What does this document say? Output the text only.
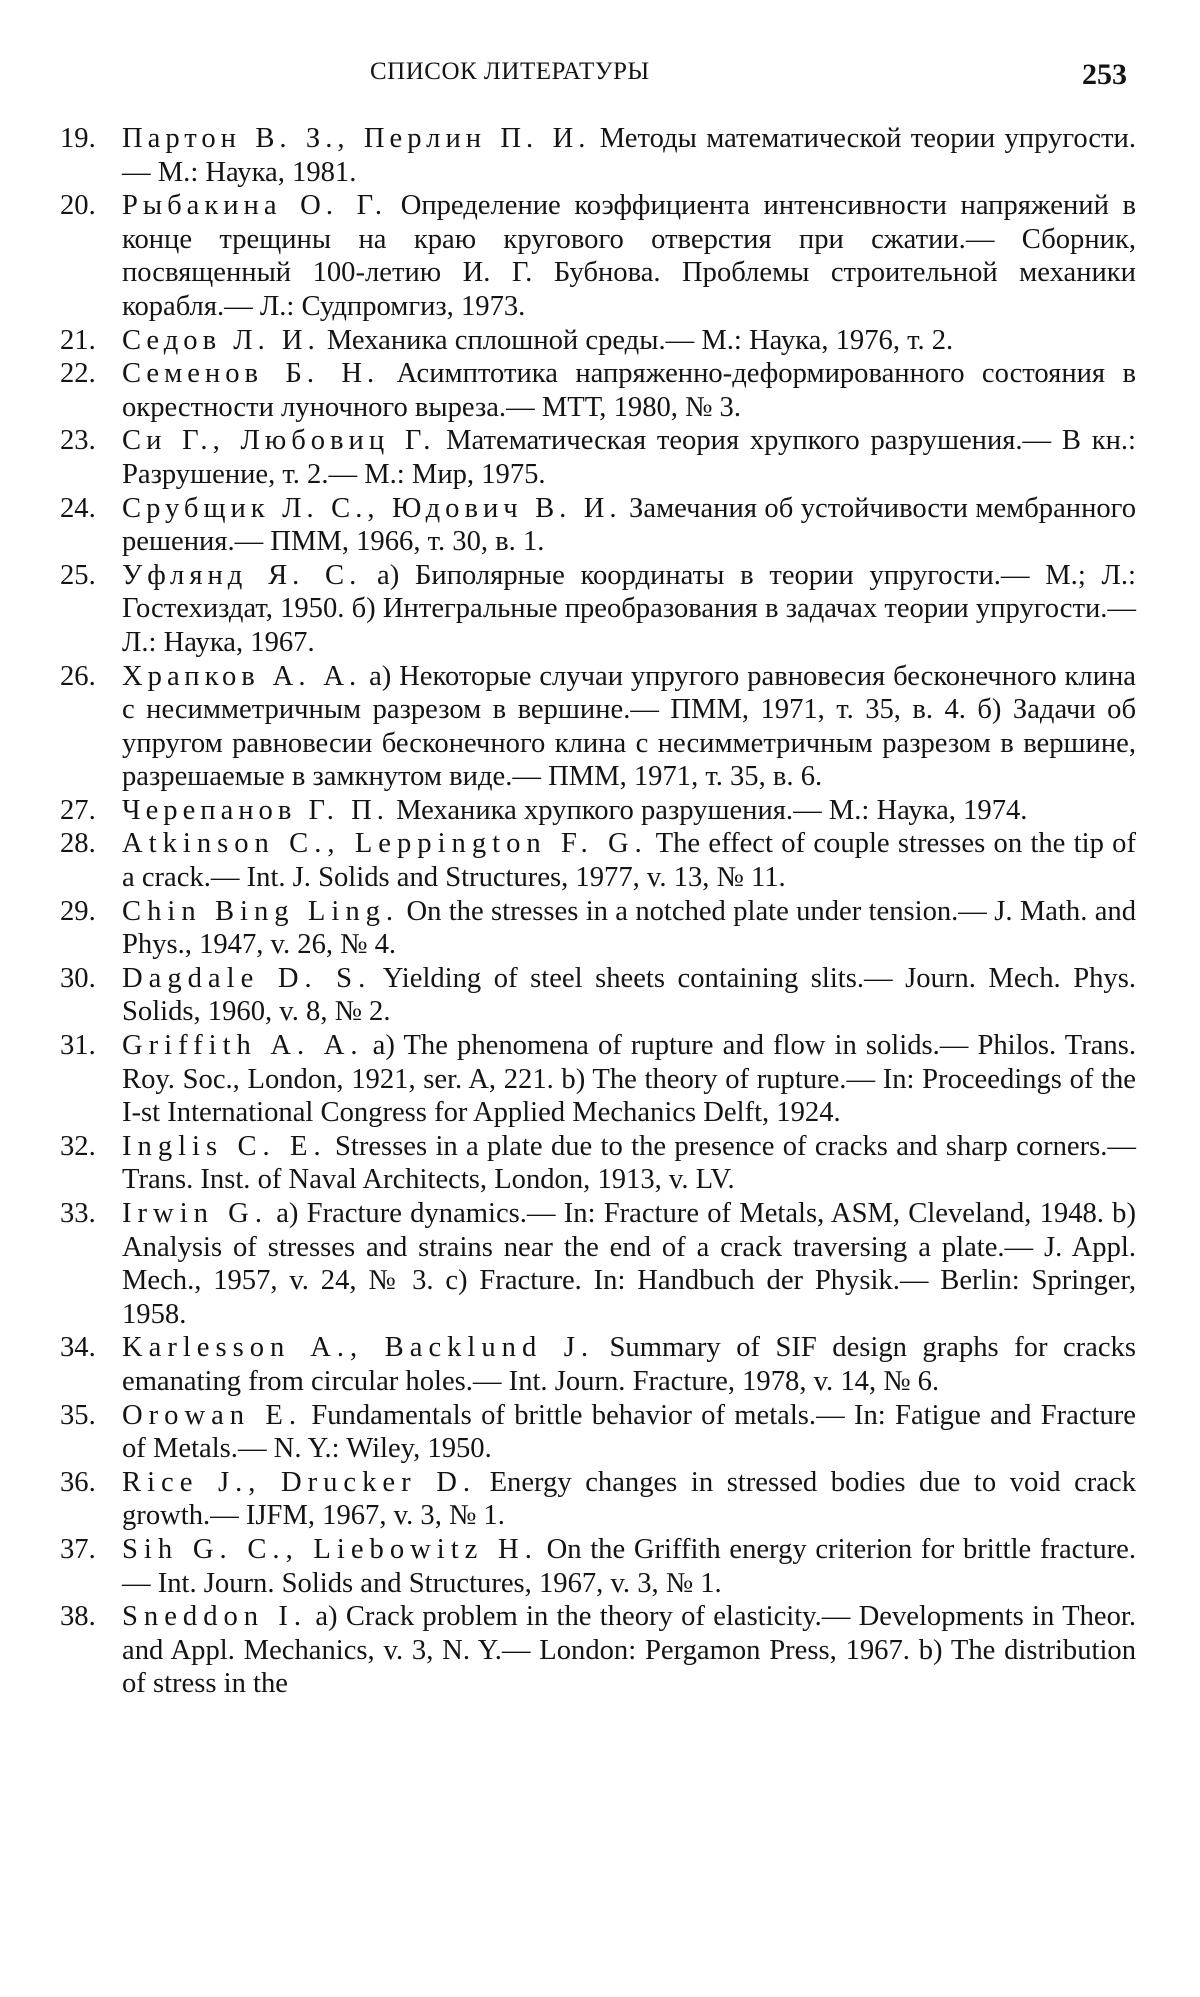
СПИСОК ЛИТЕРАТУРЫ	253
19. Партон В. З., Перлин П. И. Методы математической теории упругости.— М.: Наука, 1981.
20. Рыбакина О. Г. Определение коэффициента интенсивности напряжений в конце трещины на краю кругового отверстия при сжатии.— Сборник, посвященный 100-летию И. Г. Бубнова. Проблемы строительной механики корабля.— Л.: Судпромгиз, 1973.
21. Седов Л. И. Механика сплошной среды.— М.: Наука, 1976, т. 2.
22. Семенов Б. Н. Асимптотика напряженно-деформированного состояния в окрестности луночного выреза.— МТТ, 1980, № 3.
23. Си Г., Любовиц Г. Математическая теория хрупкого разрушения.— В кн.: Разрушение, т. 2.— М.: Мир, 1975.
24. Срубщик Л. С., Юдович В. И. Замечания об устойчивости мембранного решения.— ПММ, 1966, т. 30, в. 1.
25. Уфлянд Я. С. а) Биполярные координаты в теории упругости.— М.; Л.: Гостехиздат, 1950. б) Интегральные преобразования в задачах теории упругости.— Л.: Наука, 1967.
26. Храпков А. А. а) Некоторые случаи упругого равновесия бесконечного клина с несимметричным разрезом в вершине.— ПММ, 1971, т. 35, в. 4. б) Задачи об упругом равновесии бесконечного клина с несимметричным разрезом в вершине, разрешаемые в замкнутом виде.— ПММ, 1971, т. 35, в. 6.
27. Черепанов Г. П. Механика хрупкого разрушения.— М.: Наука, 1974.
28. Atkinson C., Leppington F. G. The effect of couple stresses on the tip of a crack.— Int. J. Solids and Structures, 1977, v. 13, № 11.
29. Chin Bing Ling. On the stresses in a notched plate under tension.— J. Math. and Phys., 1947, v. 26, № 4.
30. Dagdale D. S. Yielding of steel sheets containing slits.— Journ. Mech. Phys. Solids, 1960, v. 8, № 2.
31. Griffith A. A. a) The phenomena of rupture and flow in solids.— Philos. Trans. Roy. Soc., London, 1921, ser. A, 221. b) The theory of rupture.— In: Proceedings of the I-st International Congress for Applied Mechanics Delft, 1924.
32. Inglis C. E. Stresses in a plate due to the presence of cracks and sharp corners.— Trans. Inst. of Naval Architects, London, 1913, v. LV.
33. Irwin G. a) Fracture dynamics.— In: Fracture of Metals, ASM, Cleveland, 1948. b) Analysis of stresses and strains near the end of a crack traversing a plate.— J. Appl. Mech., 1957, v. 24, № 3. c) Fracture. In: Handbuch der Physik.— Berlin: Springer, 1958.
34. Karlesson A., Backlund J. Summary of SIF design graphs for cracks emanating from circular holes.— Int. Journ. Fracture, 1978, v. 14, № 6.
35. Orowan E. Fundamentals of brittle behavior of metals.— In: Fatigue and Fracture of Metals.— N. Y.: Wiley, 1950.
36. Rice J., Drucker D. Energy changes in stressed bodies due to void crack growth.— IJFM, 1967, v. 3, № 1.
37. Sih G. C., Liebowitz H. On the Griffith energy criterion for brittle fracture.— Int. Journ. Solids and Structures, 1967, v. 3, № 1.
38. Sneddon I. a) Crack problem in the theory of elasticity.— Developments in Theor. and Appl. Mechanics, v. 3, N. Y.— London: Pergamon Press, 1967. b) The distribution of stress in the
